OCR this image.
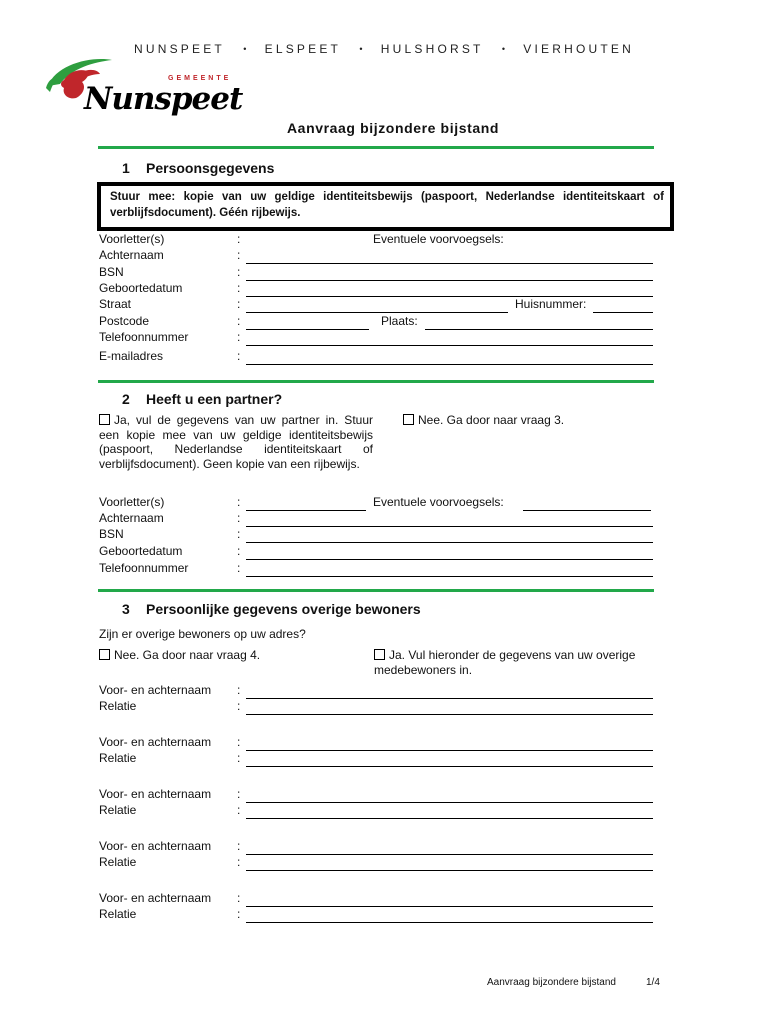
NUNSPEET • ELSPEET • HULSHORST • VIERHOUTEN
GEMEENTE
Nunspeet
Aanvraag bijzondere bijstand
1 Persoonsgegevens
Stuur mee: kopie van uw geldige identiteitsbewijs (paspoort, Nederlandse identiteitskaart of verblijfsdocument). Géén rijbewijs.
Voorletter(s)	:	Eventuele voorvoegsels:
Achternaam	:
BSN	:
Geboortedatum	:
Straat	:	Huisnummer:
Postcode	:	Plaats:
Telefoonnummer	:
E-mailadres	:
2 Heeft u een partner?
Ja, vul de gegevens van uw partner in. Stuur een kopie mee van uw geldige identiteitsbewijs (paspoort, Nederlandse identiteitskaart of verblijfsdocument). Geen kopie van een rijbewijs.
Nee. Ga door naar vraag 3.
Voorletter(s)	:	Eventuele voorvoegsels:
Achternaam	:
BSN	:
Geboortedatum	:
Telefoonnummer	:
3 Persoonlijke gegevens overige bewoners
Zijn er overige bewoners op uw adres?
Nee. Ga door naar vraag 4.	Ja. Vul hieronder de gegevens van uw overige medebewoners in.
Voor- en achternaam :
Relatie	:
Voor- en achternaam :
Relatie	:
Voor- en achternaam :
Relatie	:
Voor- en achternaam :
Relatie	:
Voor- en achternaam :
Relatie	:
Aanvraag bijzondere bijstand	1/4
